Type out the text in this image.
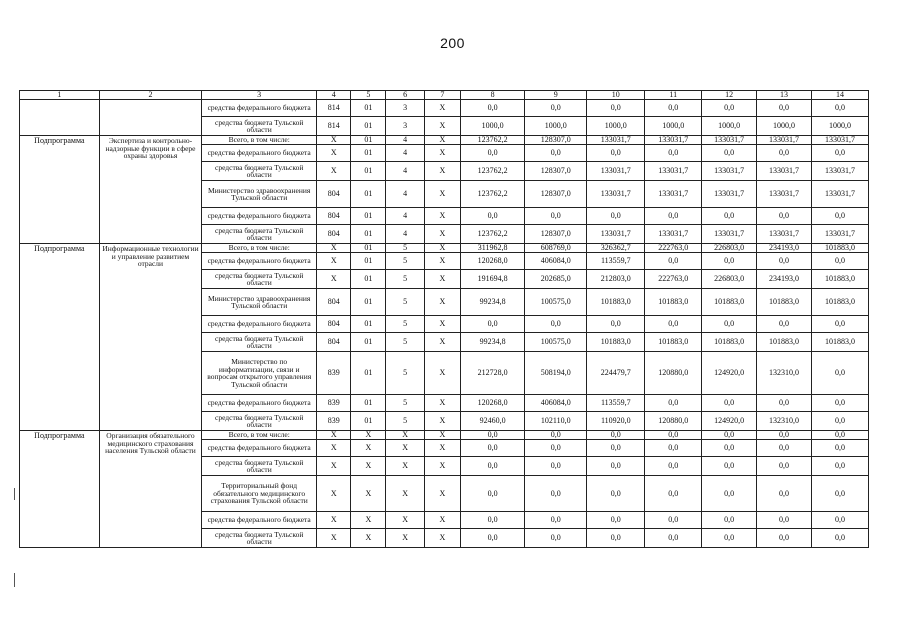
200
1	2	3	4	5	6	7	8	9	10	11	12	13	14
		средства федерального бюджета	814	01	3	Х	0,0	0,0	0,0	0,0	0,0	0,0	0,0
		средства бюджета Тульской области	814	01	3	Х	1000,0	1000,0	1000,0	1000,0	1000,0	1000,0	1000,0
Подпрограмма	Экспертиза и контрольно-надзорные функции в сфере охраны здоровья	Всего, в том числе:	Х	01	4	Х	123762,2	128307,0	133031,7	133031,7	133031,7	133031,7	133031,7
		средства федерального бюджета	Х	01	4	Х	0,0	0,0	0,0	0,0	0,0	0,0	0,0
		средства бюджета Тульской области	Х	01	4	Х	123762,2	128307,0	133031,7	133031,7	133031,7	133031,7	133031,7
		Министерство здравоохранения Тульской области	804	01	4	Х	123762,2	128307,0	133031,7	133031,7	133031,7	133031,7	133031,7
		средства федерального бюджета	804	01	4	Х	0,0	0,0	0,0	0,0	0,0	0,0	0,0
		средства бюджета Тульской области	804	01	4	Х	123762,2	128307,0	133031,7	133031,7	133031,7	133031,7	133031,7
Подпрограмма	Информационные технологии и управление развитием отрасли	Всего, в том числе:	Х	01	5	Х	311962,8	608769,0	326362,7	222763,0	226803,0	234193,0	101883,0
		средства федерального бюджета	Х	01	5	Х	120268,0	406084,0	113559,7	0,0	0,0	0,0	0,0
		средства бюджета Тульской области	Х	01	5	Х	191694,8	202685,0	212803,0	222763,0	226803,0	234193,0	101883,0
		Министерство здравоохранения Тульской области	804	01	5	Х	99234,8	100575,0	101883,0	101883,0	101883,0	101883,0	101883,0
		средства федерального бюджета	804	01	5	Х	0,0	0,0	0,0	0,0	0,0	0,0	0,0
		средства бюджета Тульской области	804	01	5	Х	99234,8	100575,0	101883,0	101883,0	101883,0	101883,0	101883,0
		Министерство по информатизации, связи и вопросам открытого управления Тульской области	839	01	5	Х	212728,0	508194,0	224479,7	120880,0	124920,0	132310,0	0,0
		средства федерального бюджета	839	01	5	Х	120268,0	406084,0	113559,7	0,0	0,0	0,0	0,0
		средства бюджета Тульской области	839	01	5	Х	92460,0	102110,0	110920,0	120880,0	124920,0	132310,0	0,0
Подпрограмма	Организация обязательного медицинского страхования населения Тульской области	Всего, в том числе:	Х	Х	Х	Х	0,0	0,0	0,0	0,0	0,0	0,0	0,0
		средства федерального бюджета	Х	Х	Х	Х	0,0	0,0	0,0	0,0	0,0	0,0	0,0
		средства бюджета Тульской области	Х	Х	Х	Х	0,0	0,0	0,0	0,0	0,0	0,0	0,0
		Территориальный фонд обязательного медицинского страхования Тульской области	Х	Х	Х	Х	0,0	0,0	0,0	0,0	0,0	0,0	0,0
		средства федерального бюджета	Х	Х	Х	Х	0,0	0,0	0,0	0,0	0,0	0,0	0,0
		средства бюджета Тульской области	Х	Х	Х	Х	0,0	0,0	0,0	0,0	0,0	0,0	0,0
